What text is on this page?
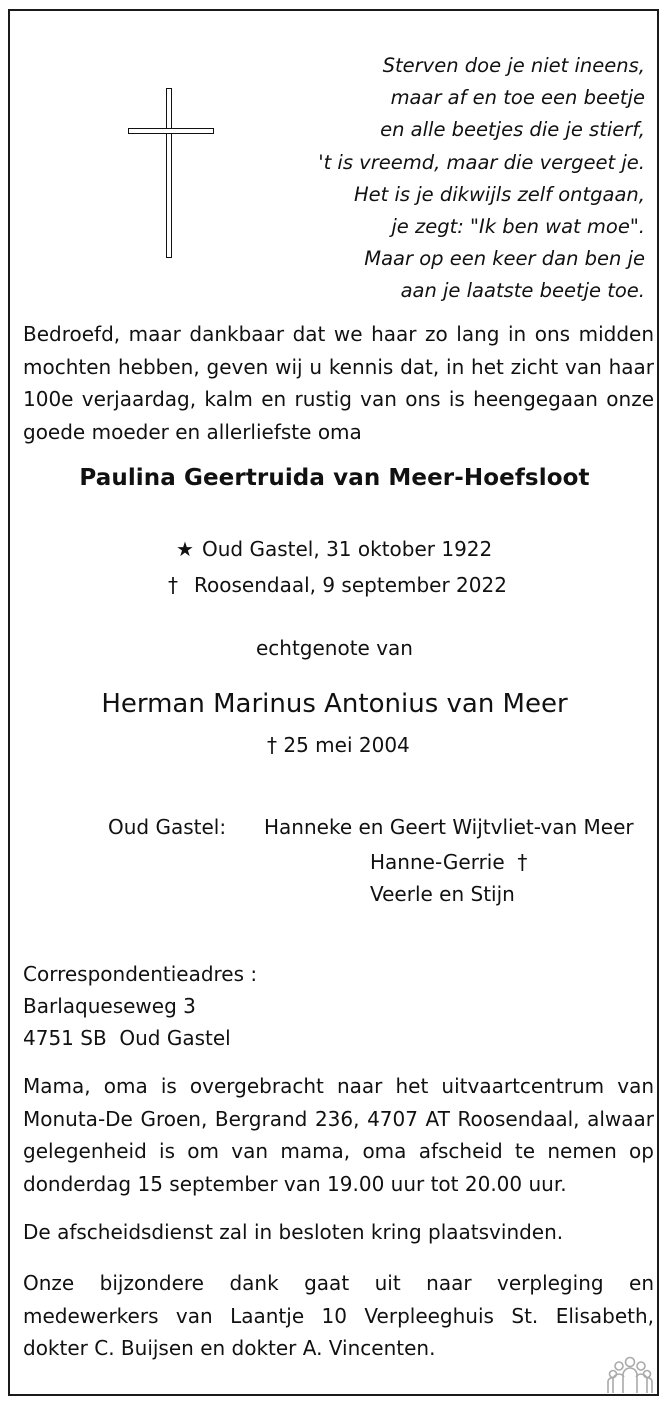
Sterven doe je niet ineens,
maar af en toe een beetje
en alle beetjes die je stierf,
't is vreemd, maar die vergeet je.
Het is je dikwijls zelf ontgaan,
je zegt: "Ik ben wat moe".
Maar op een keer dan ben je
aan je laatste beetje toe.
Bedroefd, maar dankbaar dat we haar zo lang in ons midden mochten hebben, geven wij u kennis dat, in het zicht van haar 100e verjaardag, kalm en rustig van ons is heengegaan onze goede moeder en allerliefste oma
Paulina Geertruida van Meer-Hoefsloot
★ Oud Gastel, 31 oktober 1922
† Roosendaal, 9 september 2022
echtgenote van
Herman Marinus Antonius van Meer
† 25 mei 2004
Oud Gastel: Hanneke en Geert Wijtvliet-van Meer
Hanne-Gerrie  †
Veerle en Stijn
Correspondentieadres :
Barlaqueseweg 3
4751 SB  Oud Gastel
Mama, oma is overgebracht naar het uitvaartcentrum van Monuta-De Groen, Bergrand 236, 4707 AT Roosendaal, alwaar gelegenheid is om van mama, oma afscheid te nemen op donderdag 15 september van 19.00 uur tot 20.00 uur.
De afscheidsdienst zal in besloten kring plaatsvinden.
Onze bijzondere dank gaat uit naar verpleging en medewerkers van Laantje 10 Verpleeghuis St. Elisabeth, dokter C. Buijsen en dokter A. Vincenten.
